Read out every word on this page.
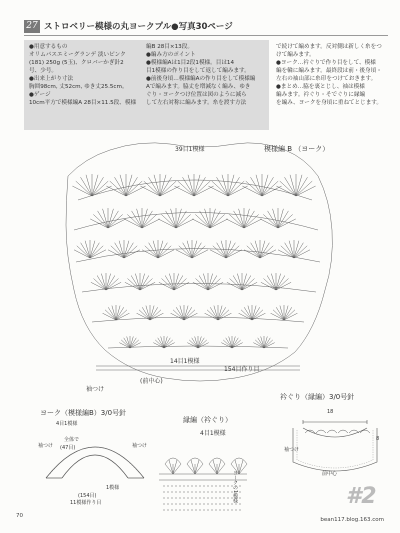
27 ストロベリー模様の丸ヨークプル●写真30ページ
●用意するもの
オリムパスエミーグランデ 淡いピンク
(181) 250g (5玉)、クロバーかぎ針2
号、少号。
●出来上がり寸法
胸囲98cm, 丈52cm, ゆき丈25.5cm。
●ゲージ
10cm平方で模様編A 28目×11.5段、模様
編B 28目×13段。
●編み方のポイント
●模様編Aは1目2段1模様。目は14
目1模様の作り目をして返して編みます。
●前後身頃…模様編Aの作り目をして模様編
Aで編みます。脇丈を増減なく編み、ゆき
ぐり・ヨークつけ位置は図のように減ら
して左右対称に編みます。糸を渡す方法
で続けて編めます。反対側は新しく糸をつ
けて編みます。
●ヨーク…衿ぐりで作り目をして、模様
編を輪に編みます。最終段は前・後身頃・
左右の袖山部に糸印をつけておきます。
●まとめ…脇を裏とじし、袖は模様
編みます。衿ぐり・そでぐりに縁編
を編み、ヨークを身頃に重ねてとじます。
模様編 B （ヨーク）
39目1模様
14目1模様
154目作り目
(前中心)
袖つけ
ヨーク（模様編B）3/0号針
4目1模様
袖つけ	袖つけ
全体で
(47目)
(154目)
11模様作り目
1模様
縁編（衿ぐり）
4目1模様
ヨークの1模様
衿ぐり（縁編）3/0号針
18
袖つけ
前中心
8
#2
bean117.blog.163.com
70
